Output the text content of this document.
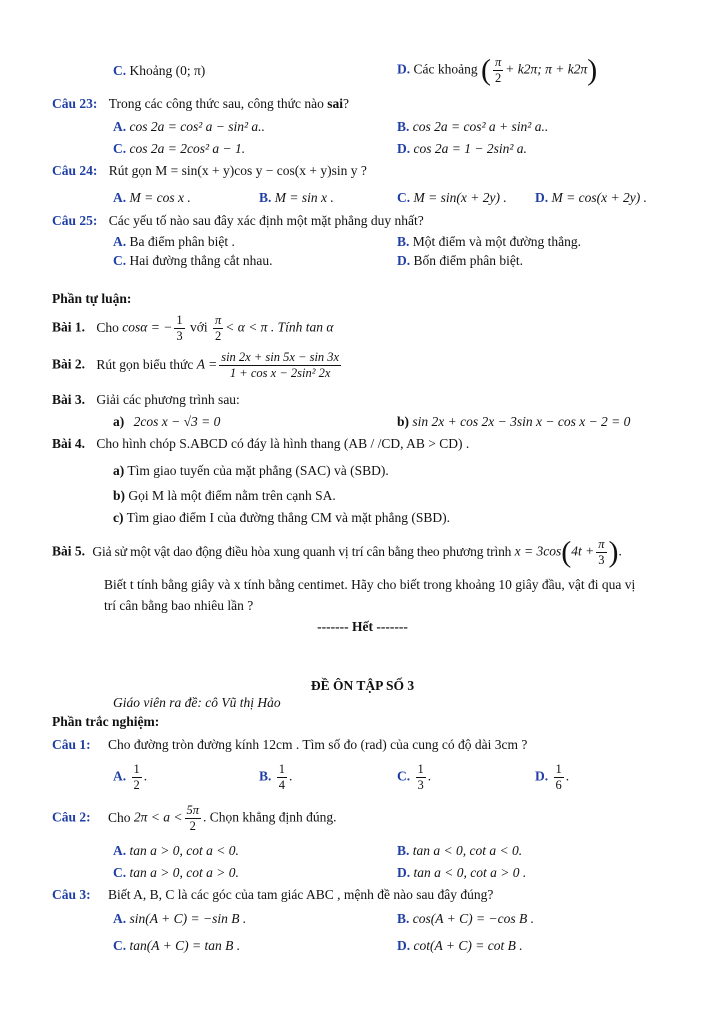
C. Khoảng (0; π)	D. Các khoảng ( $\frac{\pi}{2} + k2\pi$; π + k2π)
Câu 23: Trong các công thức sau, công thức nào sai?
A. cos 2a = cos² a − sin² a..	B. cos 2a = cos² a + sin² a..
C. cos 2a = 2cos² a − 1.	D. cos 2a = 1 − 2sin² a.
Câu 24: Rút gọn M = sin(x + y)cos y − cos(x + y)sin y ?
A. M = cos x .	B. M = sin x .	C. M = sin(x + 2y) . D. M = cos(x + 2y) .
Câu 25: Các yếu tố nào sau đây xác định một mặt phẳng duy nhất?
A. Ba điểm phân biệt .	B. Một điểm và một đường thẳng.
C. Hai đường thẳng cắt nhau.	D. Bốn điểm phân biệt.
Phần tự luận:
Bài 1. Cho cosα = − $\frac{1}{3}$ với $\frac{\pi}{2} < \alpha < \pi$ . Tính tan α
Bài 2. Rút gọn biểu thức $A = \frac{\sin 2x + \sin 5x - \sin 3x}{\text{1 + cos x − 2sin² 2x}}$
Bài 3. Giải các phương trình sau:
a) 2cos x − √3 = 0	b) sin 2x + cos 2x − 3sin x − cos x − 2 = 0
Bài 4. Cho hình chóp S.ABCD có đáy là hình thang (AB / /CD, AB > CD) .
a) Tìm giao tuyến của mặt phẳng (SAC) và (SBD).
b) Gọi M là một điểm nằm trên cạnh SA.
c) Tìm giao điểm I của đường thẳng CM và mặt phẳng (SBD).
Bài 5. Giả sử một vật dao động điều hòa xung quanh vị trí cân bằng theo phương trình $x = 3\cos(4t + \frac{\pi}{3}$ ).
Biết t tính bằng giây và x tính bằng centimet. Hãy cho biết trong khoảng 10 giây đầu, vật đi qua vị
trí cân bằng bao nhiêu lần ?
------- Hết -------
ĐỀ ÔN TẬP SỐ 3
Giáo viên ra đề: cô Vũ thị Hảo
Phần trắc nghiệm:
Câu 1: Cho đường tròn đường kính 12cm . Tìm số đo (rad) của cung có độ dài 3cm ?
A. $\frac{1}{2}$ .	B. $\frac{1}{4}$ .	C. $\frac{1}{3}$ .	D. $\frac{1}{6}$ .
Câu 2: Cho $2\pi < a < \frac{5\pi}{2}$ . Chọn khẳng định đúng.
A. tan a > 0, cot a < 0.	B. tan a < 0, cot a < 0.
C. tan a > 0, cot a > 0.	D. tan a < 0, cot a > 0 .
Câu 3: Biết A, B, C là các góc của tam giác ABC , mệnh đề nào sau đây đúng?
A. sin(A + C) = −sin B .	B. cos(A + C) = −cos B .
C. tan(A + C) = tan B .	D. cot(A + C) = cot B .
